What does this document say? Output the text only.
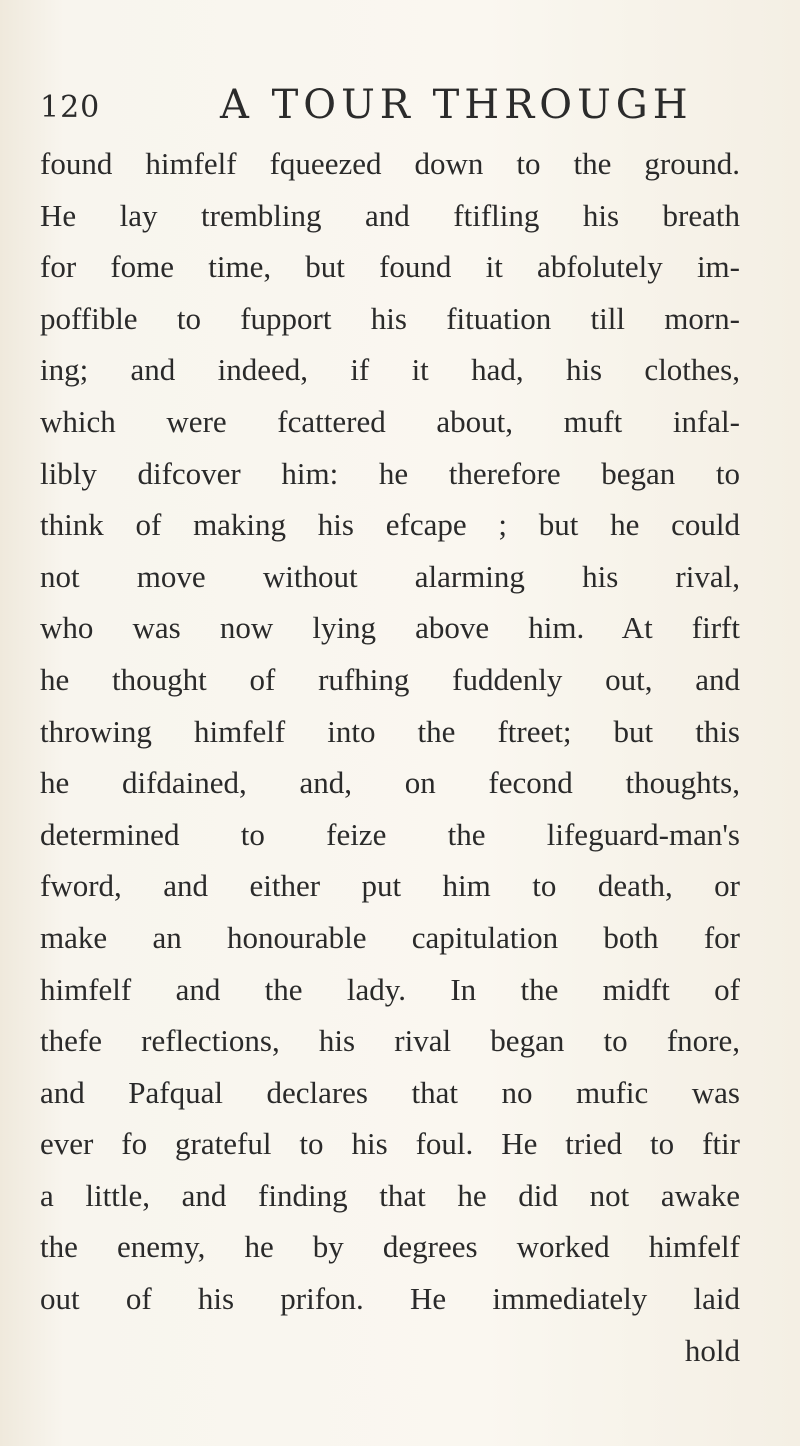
120	A TOUR THROUGH
found himfelf fqueezed down to the ground.
He lay trembling and ftifling his breath
for fome time, but found it abfolutely im-
poffible to fupport his fituation till morn-
ing; and indeed, if it had, his clothes,
which were fcattered about, muft infal-
libly difcover him: he therefore began to
think of making his efcape ; but he could
not move without alarming his rival,
who was now lying above him. At firft
he thought of rufhing fuddenly out, and
throwing himfelf into the ftreet; but this
he difdained, and, on fecond thoughts,
determined to feize the lifeguard-man's
fword, and either put him to death, or
make an honourable capitulation both for
himfelf and the lady. In the midft of
thefe reflections, his rival began to fnore,
and Pafqual declares that no mufic was
ever fo grateful to his foul. He tried to ftir
a little, and finding that he did not awake
the enemy, he by degrees worked himfelf
out of his prifon. He immediately laid
hold
